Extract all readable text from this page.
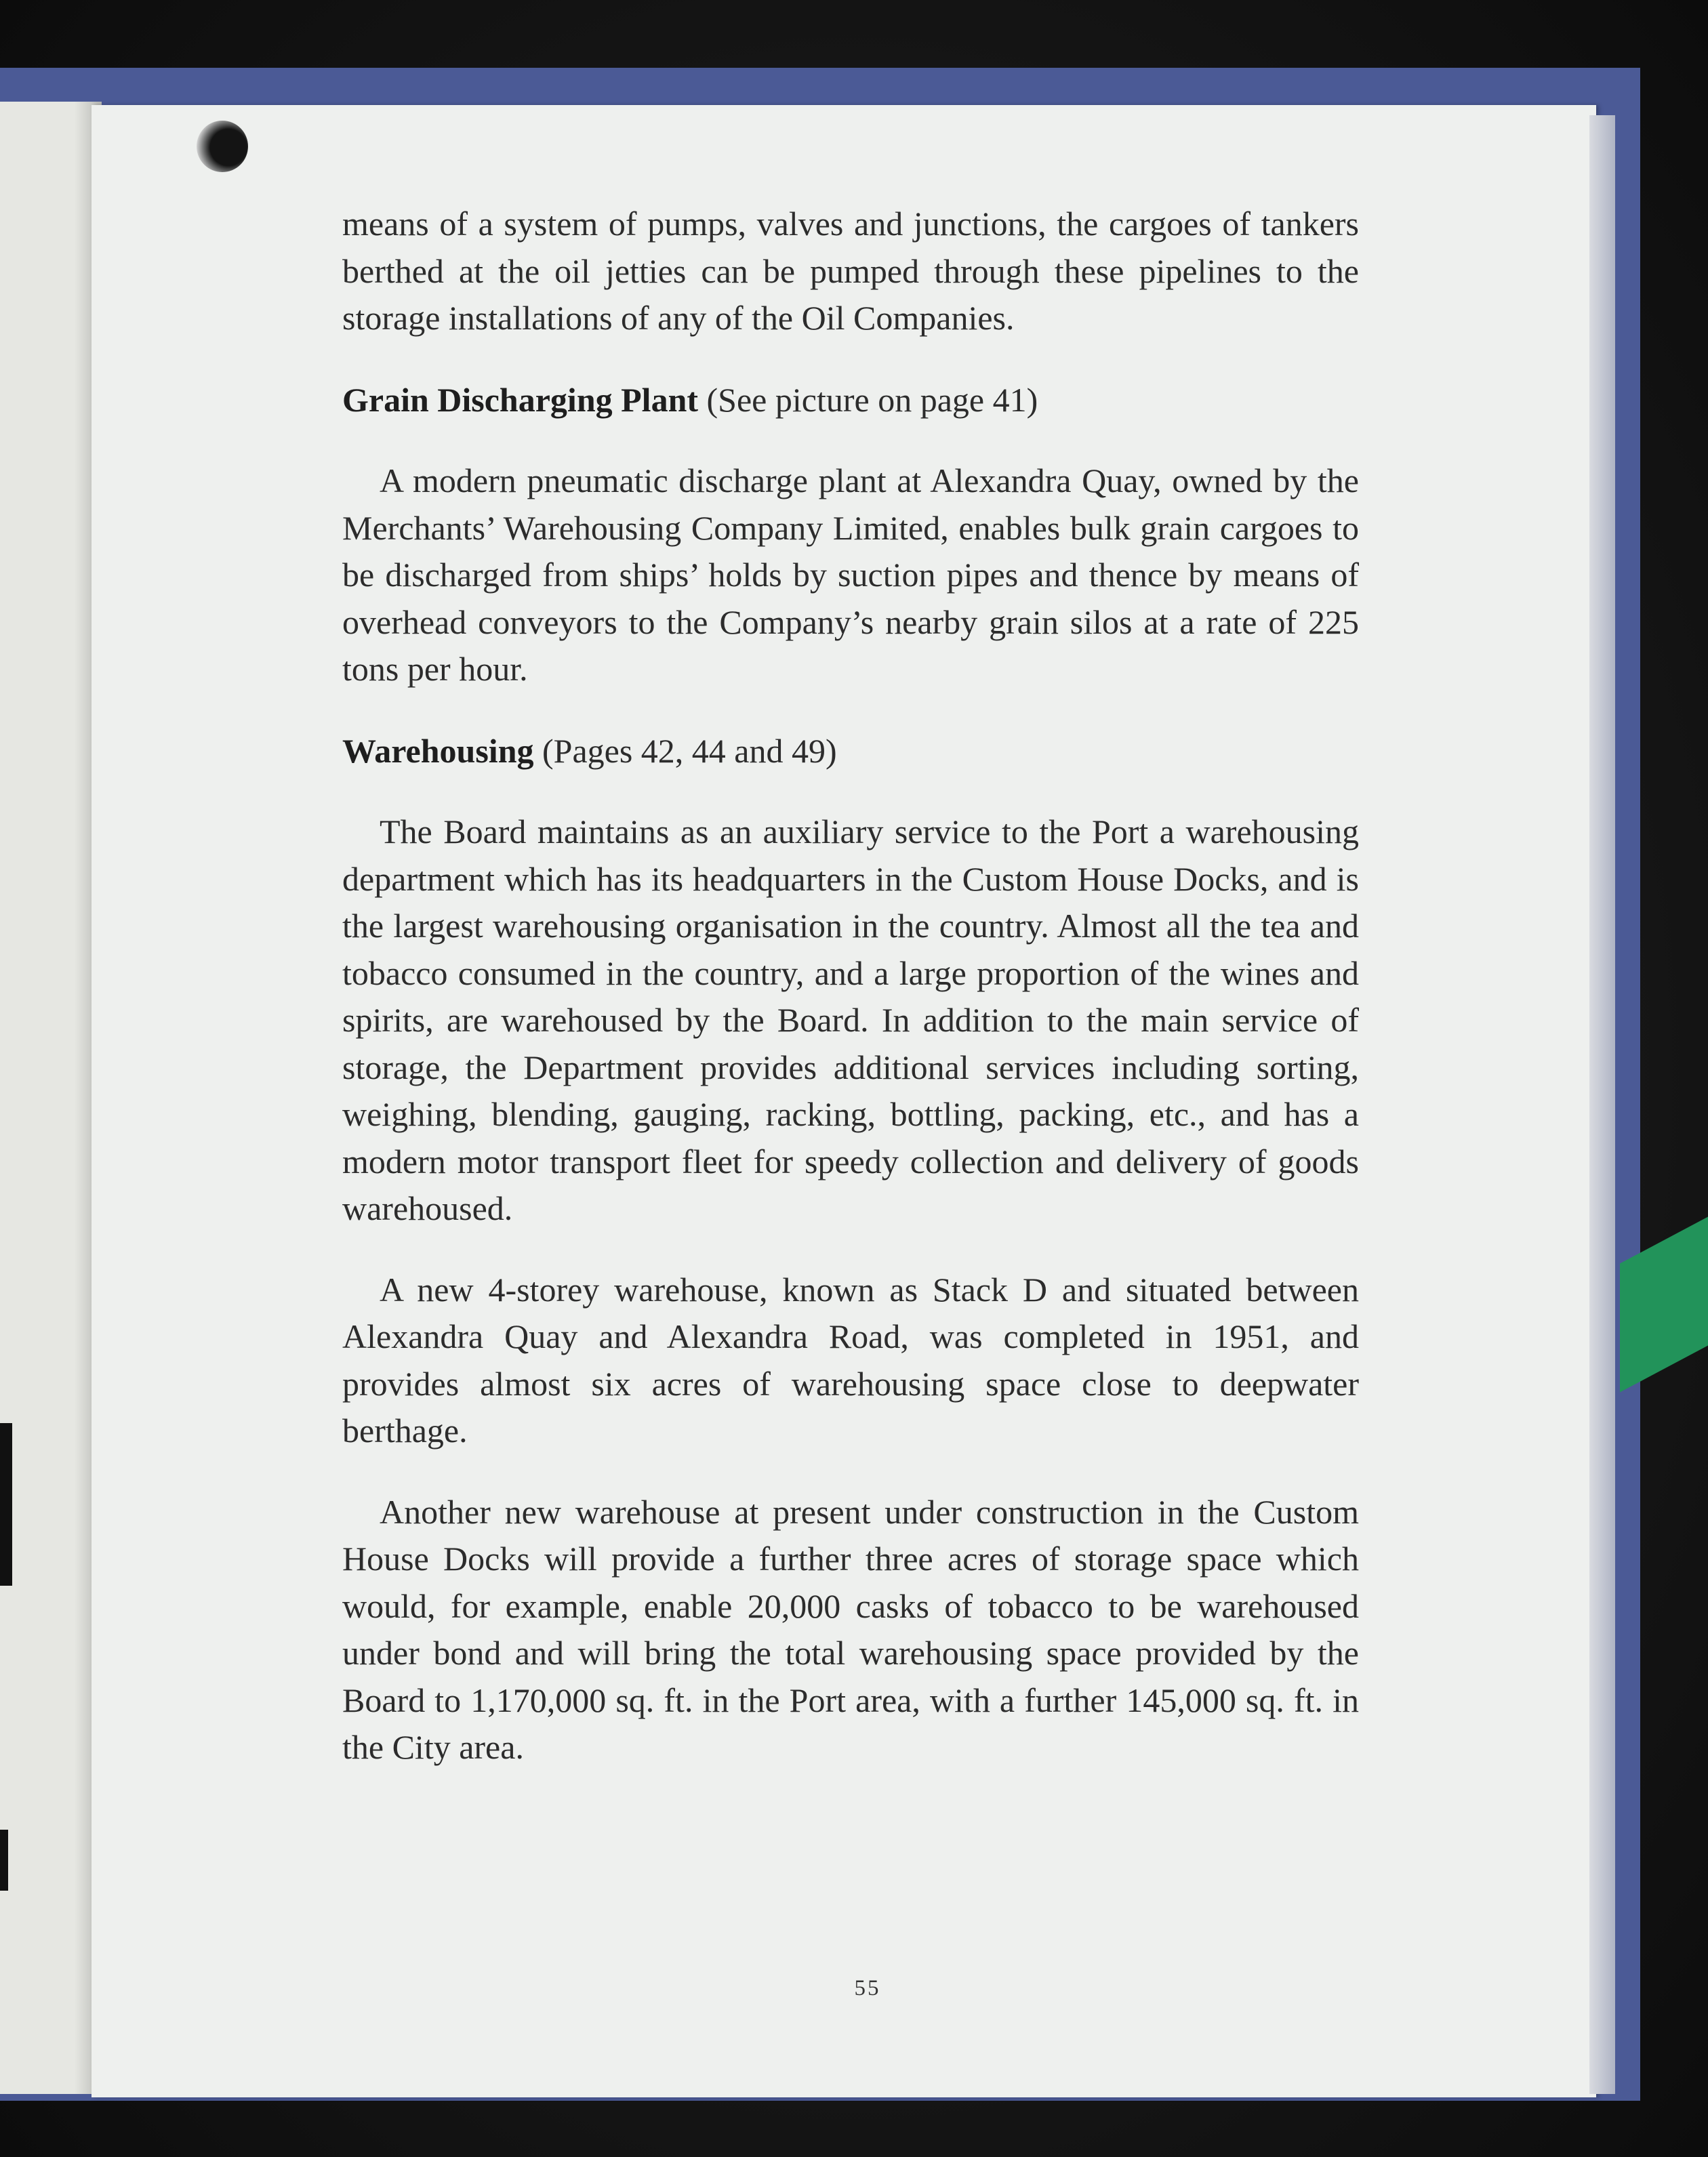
means of a system of pumps, valves and junctions, the cargoes of tankers berthed at the oil jetties can be pumped through these pipelines to the storage installations of any of the Oil Companies.

Grain Discharging Plant (See picture on page 41)

A modern pneumatic discharge plant at Alexandra Quay, owned by the Merchants’ Warehousing Company Limited, enables bulk grain cargoes to be discharged from ships’ holds by suction pipes and thence by means of overhead conveyors to the Company’s nearby grain silos at a rate of 225 tons per hour.

Warehousing (Pages 42, 44 and 49)

The Board maintains as an auxiliary service to the Port a warehousing department which has its headquarters in the Custom House Docks, and is the largest warehousing organisation in the country. Almost all the tea and tobacco consumed in the country, and a large proportion of the wines and spirits, are warehoused by the Board. In addition to the main service of storage, the Department provides additional services including sorting, weighing, blending, gauging, racking, bottling, packing, etc., and has a modern motor transport fleet for speedy collection and delivery of goods warehoused.

A new 4-storey warehouse, known as Stack D and situated between Alexandra Quay and Alexandra Road, was completed in 1951, and provides almost six acres of warehousing space close to deepwater berthage.

Another new warehouse at present under construction in the Custom House Docks will provide a further three acres of storage space which would, for example, enable 20,000 casks of tobacco to be warehoused under bond and will bring the total warehousing space provided by the Board to 1,170,000 sq. ft. in the Port area, with a further 145,000 sq. ft. in the City area.

55
